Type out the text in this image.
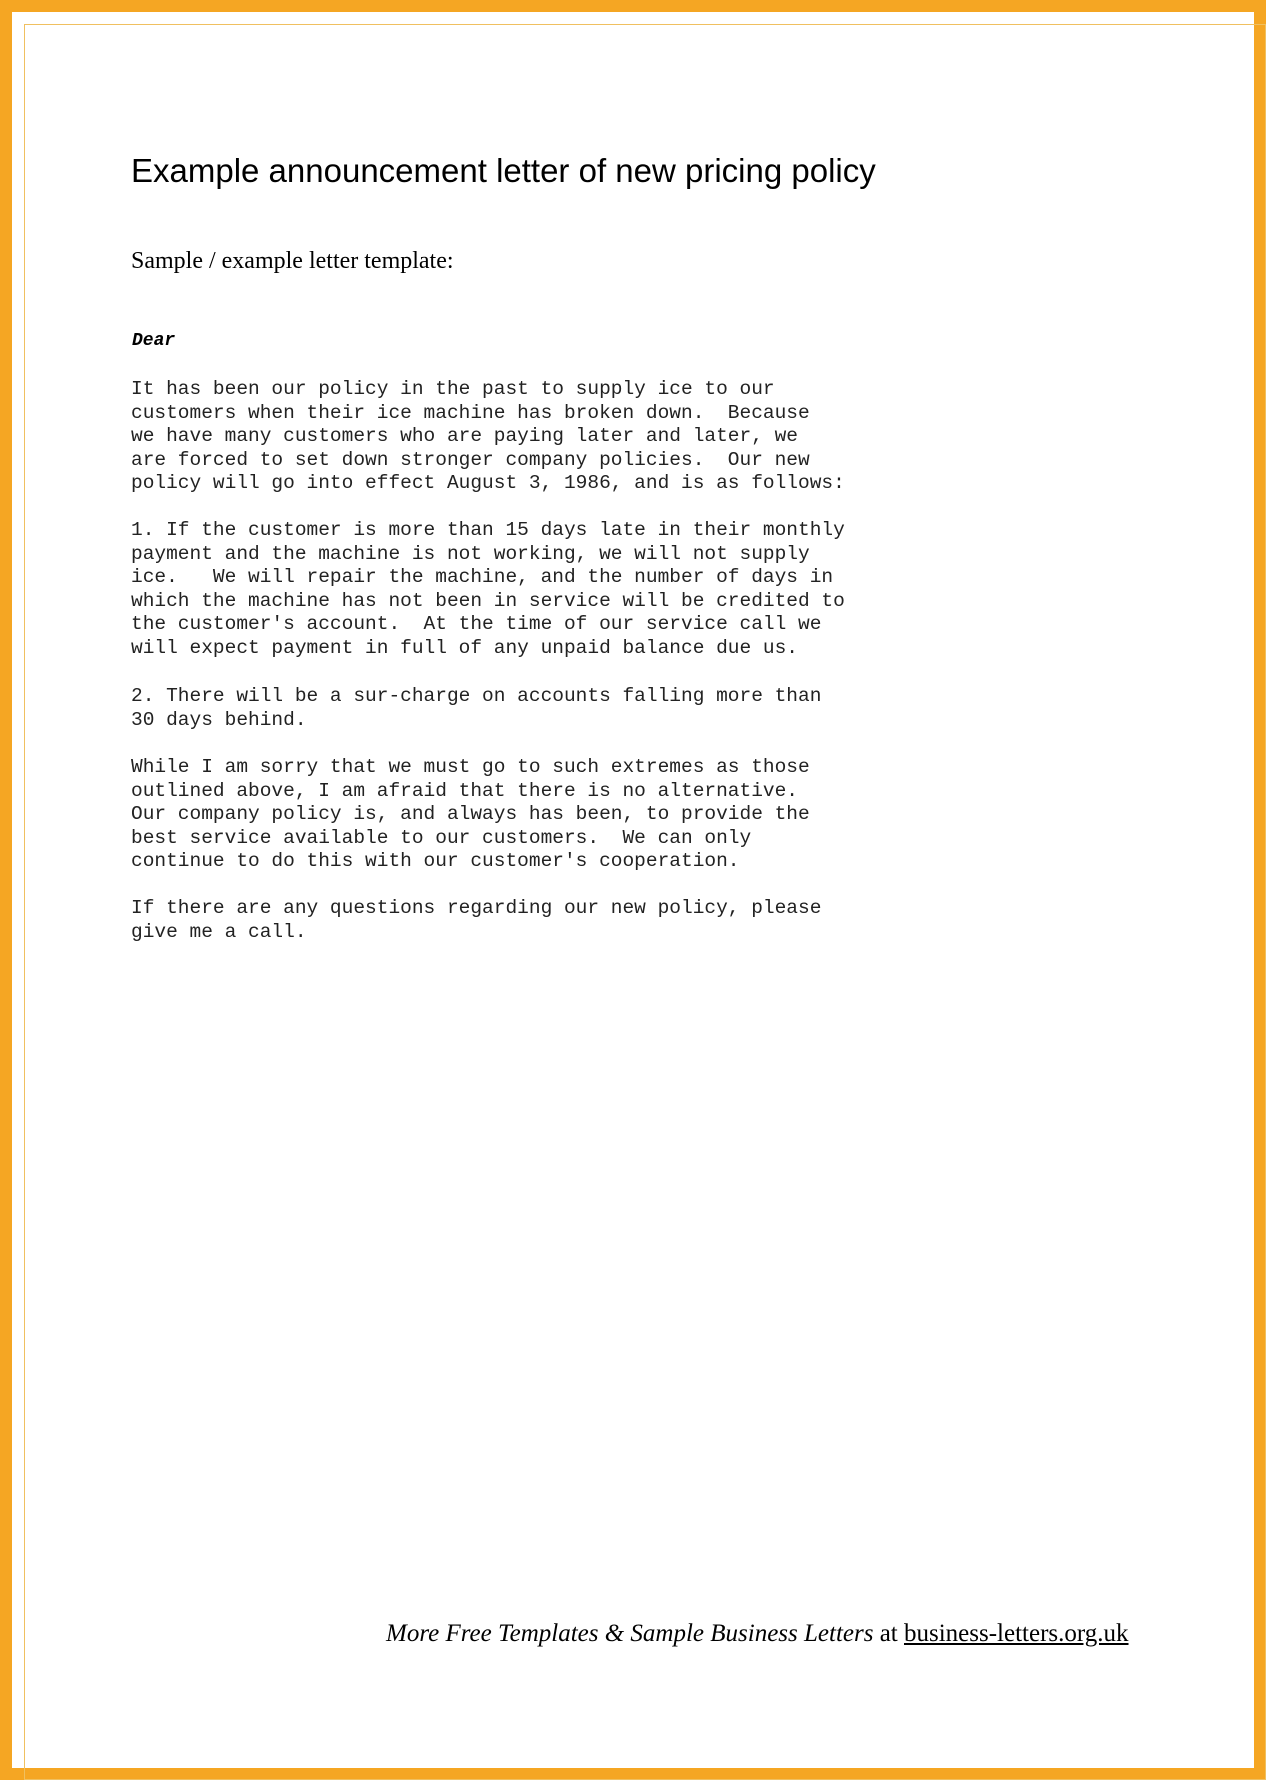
Example announcement letter of new pricing policy
Sample / example letter template:
Dear
It has been our policy in the past to supply ice to our
customers when their ice machine has broken down.  Because
we have many customers who are paying later and later, we
are forced to set down stronger company policies.  Our new
policy will go into effect August 3, 1986, and is as follows:
1. If the customer is more than 15 days late in their monthly
payment and the machine is not working, we will not supply
ice.   We will repair the machine, and the number of days in
which the machine has not been in service will be credited to
the customer's account.  At the time of our service call we
will expect payment in full of any unpaid balance due us.
2. There will be a sur-charge on accounts falling more than
30 days behind.
While I am sorry that we must go to such extremes as those
outlined above, I am afraid that there is no alternative.
Our company policy is, and always has been, to provide the
best service available to our customers.  We can only
continue to do this with our customer's cooperation.
If there are any questions regarding our new policy, please
give me a call.
More Free Templates & Sample Business Letters at business-letters.org.uk
